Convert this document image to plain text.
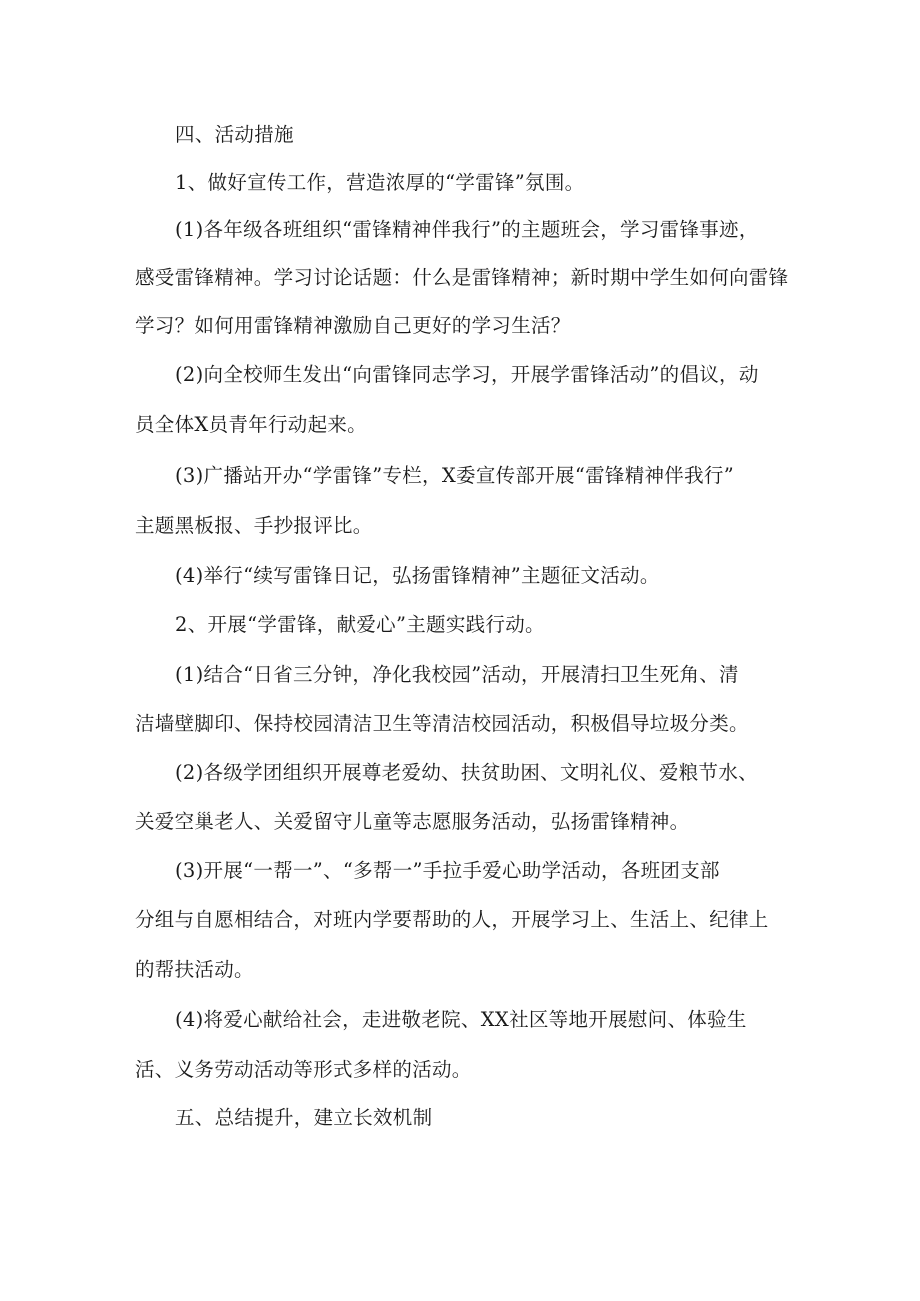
四、活动措施
1、做好宣传工作，营造浓厚的“学雷锋”氛围。
(1)各年级各班组织“雷锋精神伴我行”的主题班会，学习雷锋事迹，
感受雷锋精神。学习讨论话题：什么是雷锋精神；新时期中学生如何向雷锋
学习？如何用雷锋精神激励自己更好的学习生活？
(2)向全校师生发出“向雷锋同志学习，开展学雷锋活动”的倡议，动
员全体X员青年行动起来。
(3)广播站开办“学雷锋”专栏，X委宣传部开展“雷锋精神伴我行”
主题黑板报、手抄报评比。
(4)举行“续写雷锋日记，弘扬雷锋精神”主题征文活动。
2、开展“学雷锋，献爱心”主题实践行动。
(1)结合“日省三分钟，净化我校园”活动，开展清扫卫生死角、清
洁墙壁脚印、保持校园清洁卫生等清洁校园活动，积极倡导垃圾分类。
(2)各级学团组织开展尊老爱幼、扶贫助困、文明礼仪、爱粮节水、
关爱空巢老人、关爱留守儿童等志愿服务活动，弘扬雷锋精神。
(3)开展“一帮一”、“多帮一”手拉手爱心助学活动，各班团支部
分组与自愿相结合，对班内学要帮助的人，开展学习上、生活上、纪律上
的帮扶活动。
(4)将爱心献给社会，走进敬老院、XX社区等地开展慰问、体验生
活、义务劳动活动等形式多样的活动。
五、总结提升，建立长效机制
